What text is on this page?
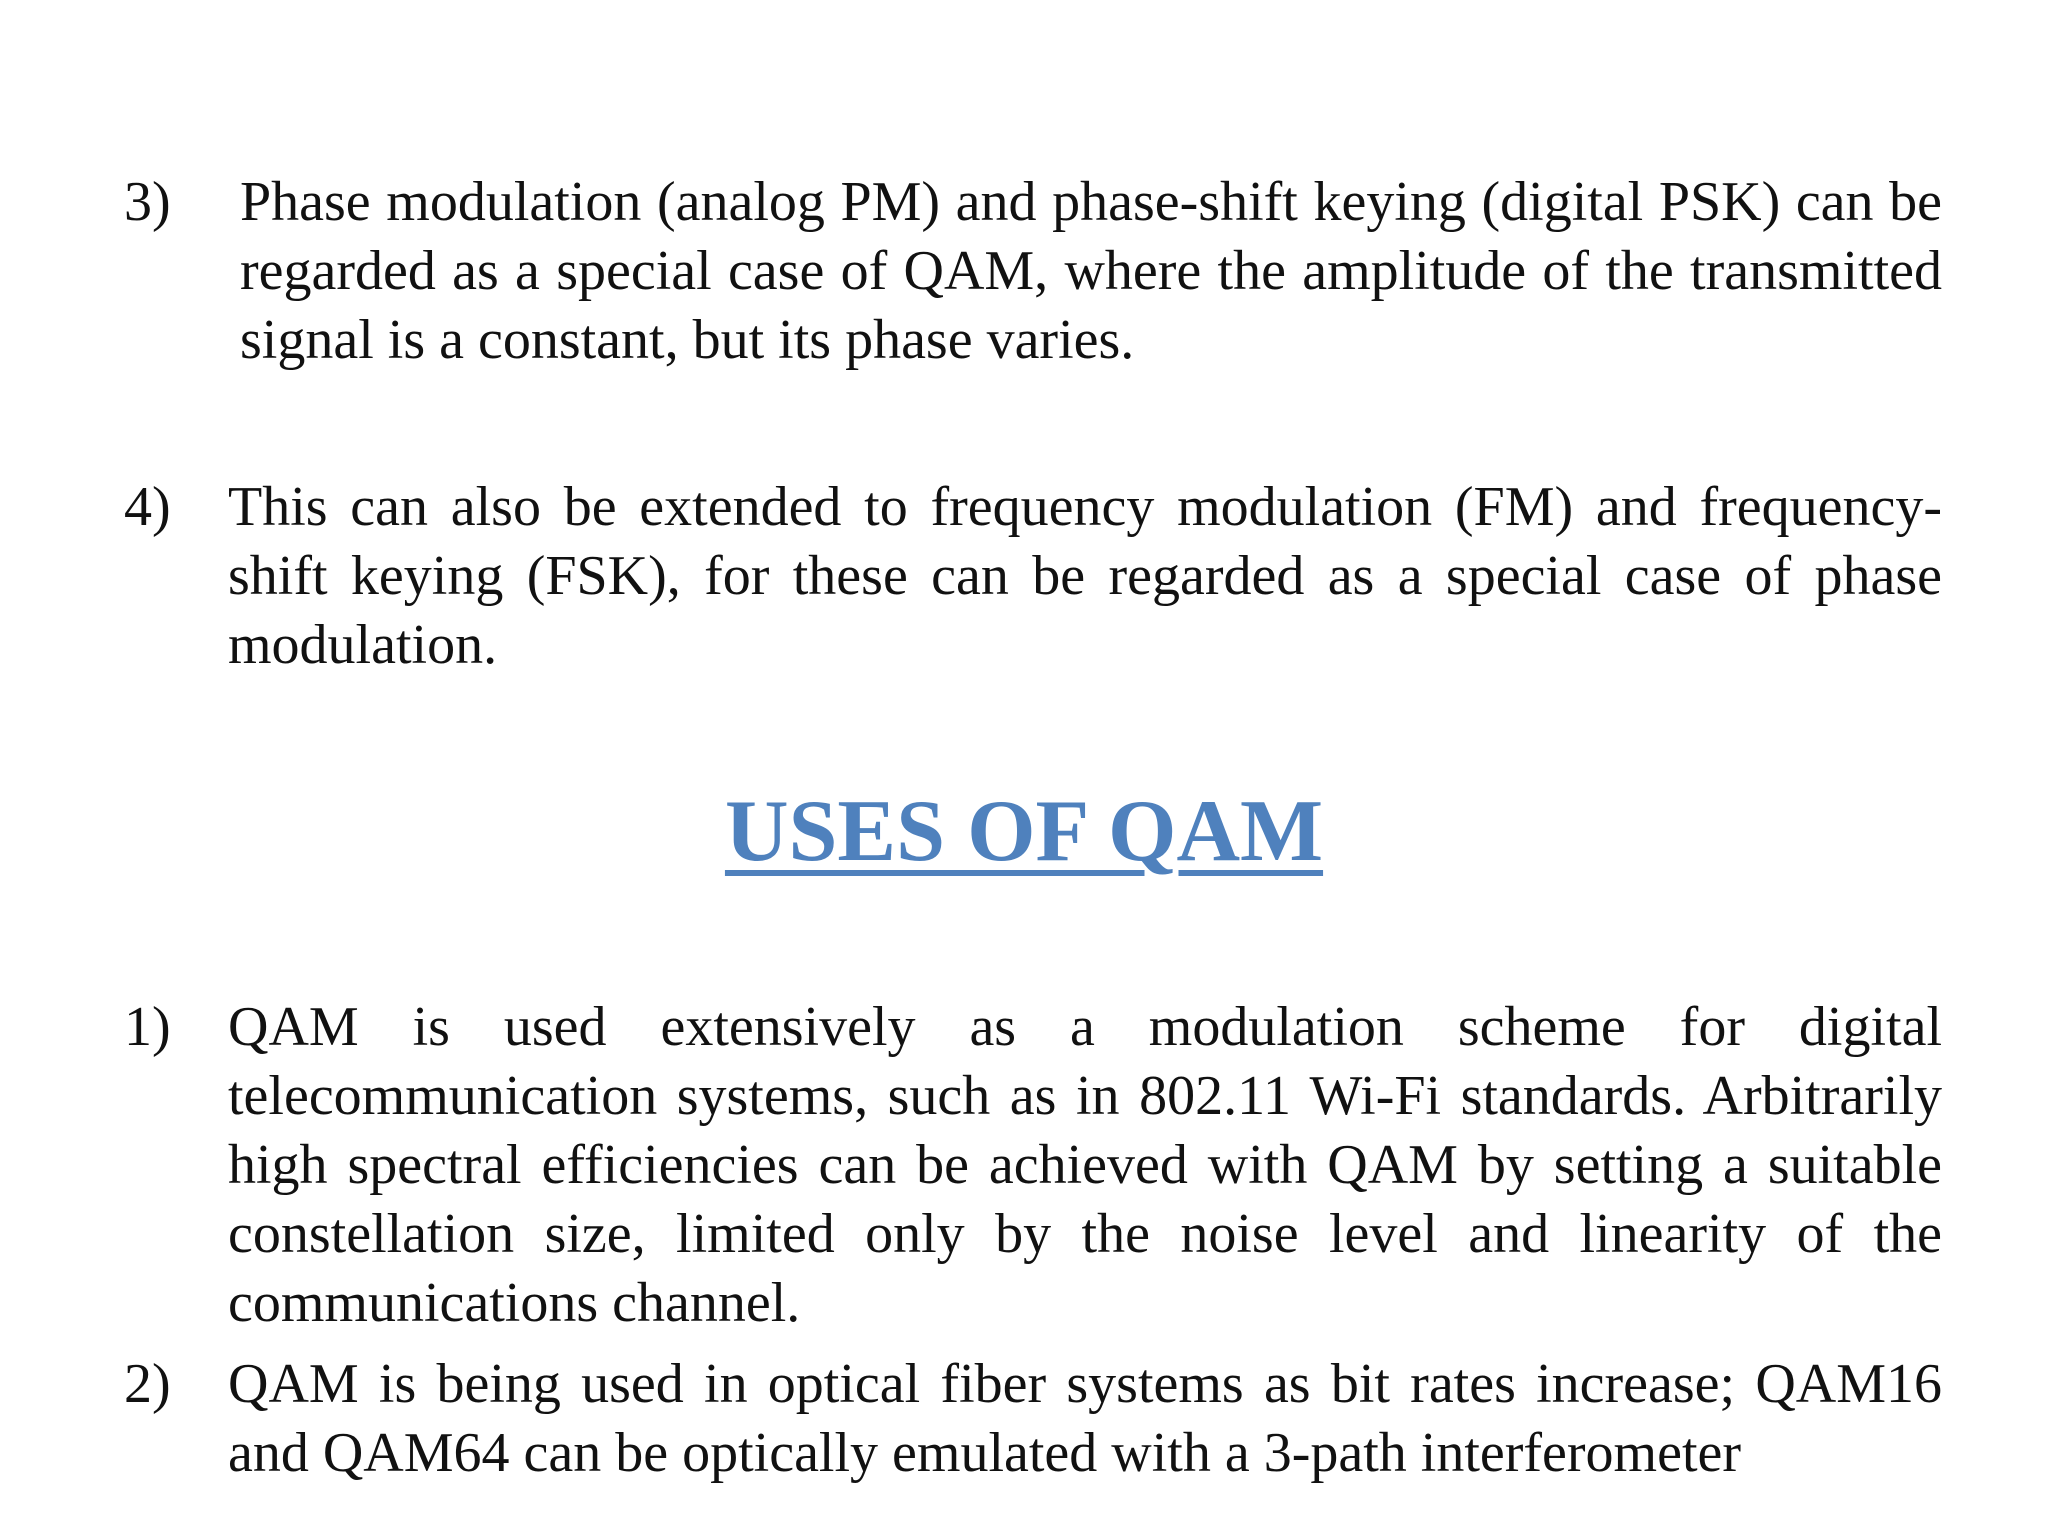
3) Phase modulation (analog PM) and phase-shift keying (digital PSK) can be regarded as a special case of QAM, where the amplitude of the transmitted signal is a constant, but its phase varies.

4) This can also be extended to frequency modulation (FM) and frequency-shift keying (FSK), for these can be regarded as a special case of phase modulation.

USES OF QAM
1) QAM is used extensively as a modulation scheme for digital telecommunication systems, such as in 802.11 Wi-Fi standards. Arbitrarily high spectral efficiencies can be achieved with QAM by setting a suitable constellation size, limited only by the noise level and linearity of the communications channel.

2) QAM is being used in optical fiber systems as bit rates increase; QAM16 and QAM64 can be optically emulated with a 3-path interferometer
